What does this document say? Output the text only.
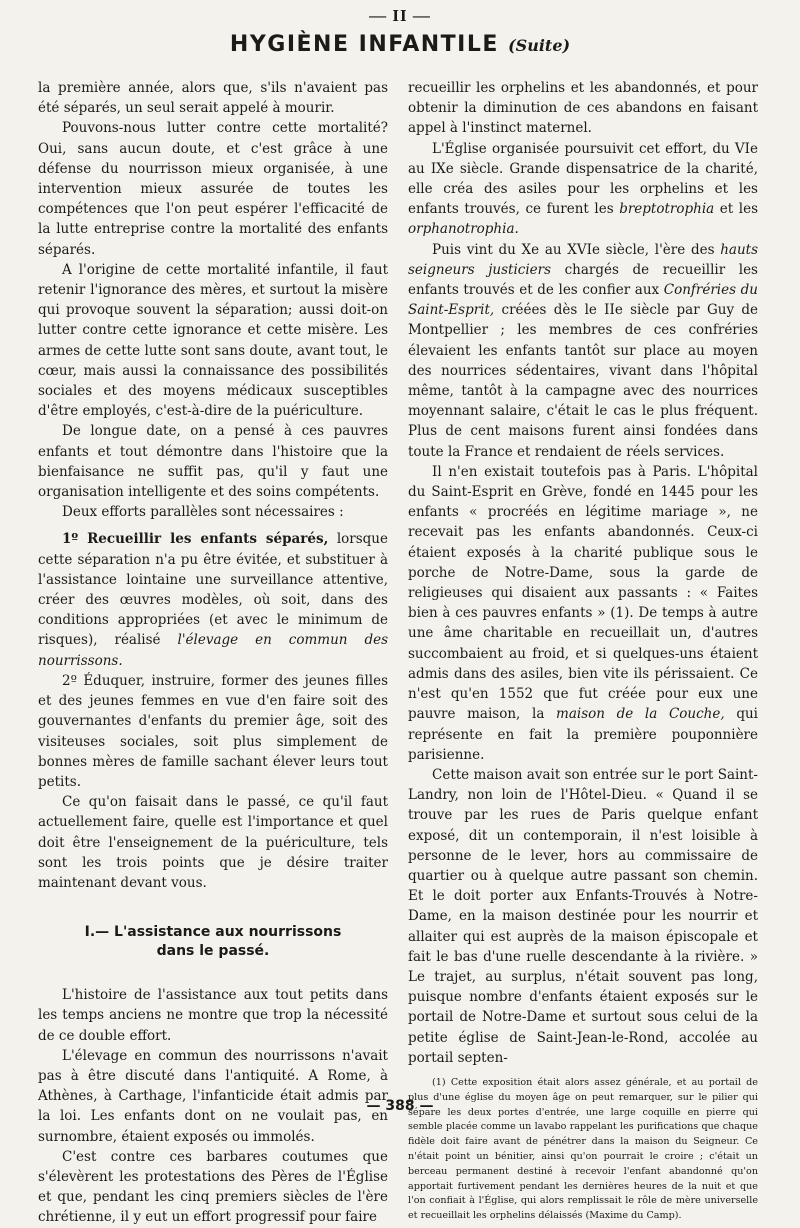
— II —
HYGIÈNE INFANTILE (Suite)

la première année, alors que, s'ils n'avaient pas été séparés, un seul serait appelé à mourir.

Pouvons-nous lutter contre cette mortalité? Oui, sans aucun doute, et c'est grâce à une défense du nourrisson mieux organisée, à une intervention mieux assurée de toutes les compétences que l'on peut espérer l'efficacité de la lutte entreprise contre la mortalité des enfants séparés.

A l'origine de cette mortalité infantile, il faut retenir l'ignorance des mères, et surtout la misère qui provoque souvent la séparation; aussi doit-on lutter contre cette ignorance et cette misère. Les armes de cette lutte sont sans doute, avant tout, le cœur, mais aussi la connaissance des possibilités sociales et des moyens médicaux susceptibles d'être employés, c'est-à-dire de la puériculture.

De longue date, on a pensé à ces pauvres enfants et tout démontre dans l'histoire que la bienfaisance ne suffit pas, qu'il y faut une organisation intelligente et des soins compétents.

Deux efforts parallèles sont nécessaires :

1º Recueillir les enfants séparés, lorsque cette séparation n'a pu être évitée, et substituer à l'assistance lointaine une surveillance attentive, créer des œuvres modèles, où soit, dans des conditions appropriées (et avec le minimum de risques), réalisé l'élevage en commun des nourrissons.

2º Éduquer, instruire, former des jeunes filles et des jeunes femmes en vue d'en faire soit des gouvernantes d'enfants du premier âge, soit des visiteuses sociales, soit plus simplement de bonnes mères de famille sachant élever leurs tout petits.

Ce qu'on faisait dans le passé, ce qu'il faut actuellement faire, quelle est l'importance et quel doit être l'enseignement de la puériculture, tels sont les trois points que je désire traiter maintenant devant vous.

I.— L'assistance aux nourrissons
dans le passé.

L'histoire de l'assistance aux tout petits dans les temps anciens ne montre que trop la nécessité de ce double effort.

L'élevage en commun des nourrissons n'avait pas à être discuté dans l'antiquité. A Rome, à Athènes, à Carthage, l'infanticide était admis par la loi. Les enfants dont on ne voulait pas, en surnombre, étaient exposés ou immolés.

C'est contre ces barbares coutumes que s'élevèrent les protestations des Pères de l'Église et que, pendant les cinq premiers siècles de l'ère chrétienne, il y eut un effort progressif pour faire

recueillir les orphelins et les abandonnés, et pour obtenir la diminution de ces abandons en faisant appel à l'instinct maternel.

L'Église organisée poursuivit cet effort, du VIe au IXe siècle. Grande dispensatrice de la charité, elle créa des asiles pour les orphelins et les enfants trouvés, ce furent les breptotrophia et les orphanotrophia.

Puis vint du Xe au XVIe siècle, l'ère des hauts seigneurs justiciers chargés de recueillir les enfants trouvés et de les confier aux Confréries du Saint-Esprit, créées dès le IIe siècle par Guy de Montpellier ; les membres de ces confréries élevaient les enfants tantôt sur place au moyen des nourrices sédentaires, vivant dans l'hôpital même, tantôt à la campagne avec des nourrices moyennant salaire, c'était le cas le plus fréquent. Plus de cent maisons furent ainsi fondées dans toute la France et rendaient de réels services.

Il n'en existait toutefois pas à Paris. L'hôpital du Saint-Esprit en Grève, fondé en 1445 pour les enfants « procréés en légitime mariage », ne recevait pas les enfants abandonnés. Ceux-ci étaient exposés à la charité publique sous le porche de Notre-Dame, sous la garde de religieuses qui disaient aux passants : « Faites bien à ces pauvres enfants » (1). De temps à autre une âme charitable en recueillait un, d'autres succombaient au froid, et si quelques-uns étaient admis dans des asiles, bien vite ils périssaient. Ce n'est qu'en 1552 que fut créée pour eux une pauvre maison, la maison de la Couche, qui représente en fait la première pouponnière parisienne.

Cette maison avait son entrée sur le port Saint-Landry, non loin de l'Hôtel-Dieu. « Quand il se trouve par les rues de Paris quelque enfant exposé, dit un contemporain, il n'est loisible à personne de le lever, hors au commissaire de quartier ou à quelque autre passant son chemin. Et le doit porter aux Enfants-Trouvés à Notre-Dame, en la maison destinée pour les nourrir et allaiter qui est auprès de la maison épiscopale et fait le bas d'une ruelle descendante à la rivière. » Le trajet, au surplus, n'était souvent pas long, puisque nombre d'enfants étaient exposés sur le portail de Notre-Dame et surtout sous celui de la petite église de Saint-Jean-le-Rond, accolée au portail septen-

(1) Cette exposition était alors assez générale, et au portail de plus d'une église du moyen âge on peut remarquer, sur le pilier qui sépare les deux portes d'entrée, une large coquille en pierre qui semble placée comme un lavabo rappelant les purifications que chaque fidèle doit faire avant de pénétrer dans la maison du Seigneur. Ce n'était point un bénitier, ainsi qu'on pourrait le croire ; c'était un berceau permanent destiné à recevoir l'enfant abandonné qu'on apportait furtivement pendant les dernières heures de la nuit et que l'on confiait à l'Église, qui alors remplissait le rôle de mère universelle et recueillait les orphelins délaissés (Maxime du Camp).

— 388 —
